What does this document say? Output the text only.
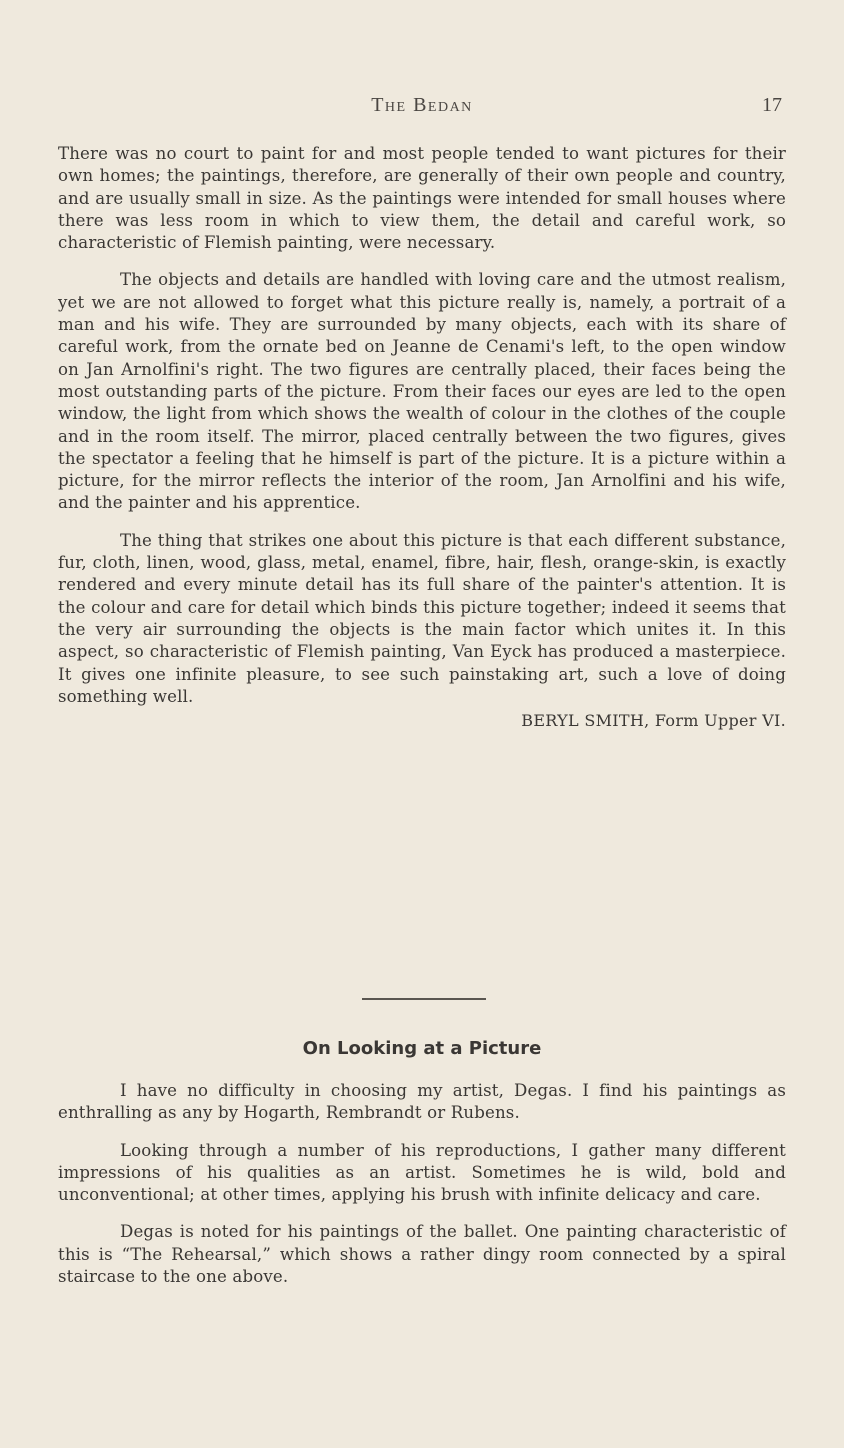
The Bedan	17

There was no court to paint for and most people tended to want pictures for their own homes; the paintings, therefore, are generally of their own people and country, and are usually small in size. As the paintings were intended for small houses where there was less room in which to view them, the detail and careful work, so characteristic of Flemish painting, were necessary.

The objects and details are handled with loving care and the utmost realism, yet we are not allowed to forget what this picture really is, namely, a portrait of a man and his wife. They are surrounded by many objects, each with its share of careful work, from the ornate bed on Jeanne de Cenami's left, to the open window on Jan Arnolfini's right. The two figures are centrally placed, their faces being the most outstanding parts of the picture. From their faces our eyes are led to the open window, the light from which shows the wealth of colour in the clothes of the couple and in the room itself. The mirror, placed centrally between the two figures, gives the spectator a feeling that he himself is part of the picture. It is a picture within a picture, for the mirror reflects the interior of the room, Jan Arnolfini and his wife, and the painter and his apprentice.

The thing that strikes one about this picture is that each different substance, fur, cloth, linen, wood, glass, metal, enamel, fibre, hair, flesh, orange-skin, is exactly rendered and every minute detail has its full share of the painter's attention. It is the colour and care for detail which binds this picture together; indeed it seems that the very air surrounding the objects is the main factor which unites it. In this aspect, so characteristic of Flemish painting, Van Eyck has produced a masterpiece. It gives one infinite pleasure, to see such painstaking art, such a love of doing something well.

BERYL SMITH, Form Upper VI.
On Looking at a Picture

I have no difficulty in choosing my artist, Degas. I find his paintings as enthralling as any by Hogarth, Rembrandt or Rubens.

Looking through a number of his reproductions, I gather many different impressions of his qualities as an artist. Sometimes he is wild, bold and unconventional; at other times, applying his brush with infinite delicacy and care.

Degas is noted for his paintings of the ballet. One painting characteristic of this is “The Rehearsal,” which shows a rather dingy room connected by a spiral staircase to the one above.
